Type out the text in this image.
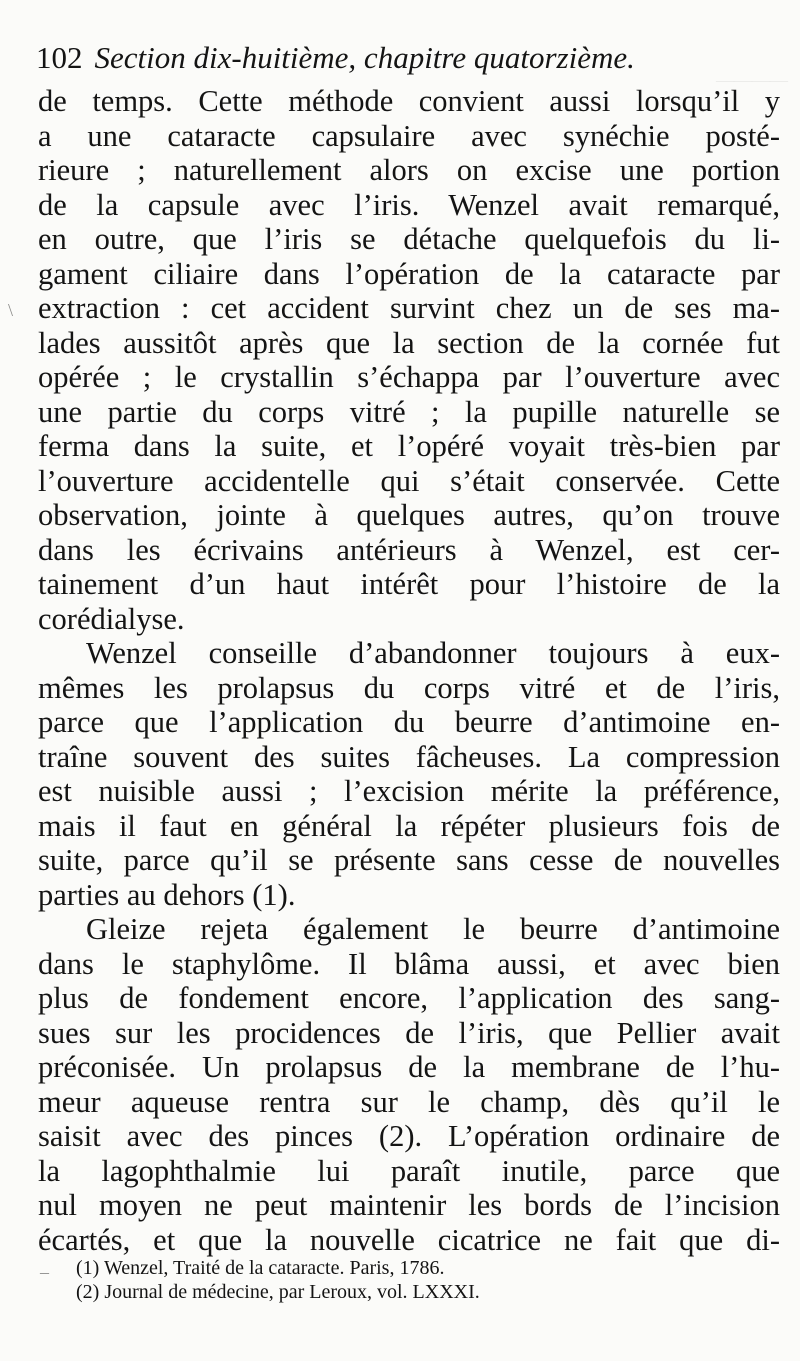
————
\
–
102 Section dix-huitième, chapitre quatorzième.
de temps. Cette méthode convient aussi lorsqu’il y
a une cataracte capsulaire avec synéchie posté-
rieure ; naturellement alors on excise une portion
de la capsule avec l’iris. Wenzel avait remarqué,
en outre, que l’iris se détache quelquefois du li-
gament ciliaire dans l’opération de la cataracte par
extraction : cet accident survint chez un de ses ma-
lades aussitôt après que la section de la cornée fut
opérée ; le crystallin s’échappa par l’ouverture avec
une partie du corps vitré ; la pupille naturelle se
ferma dans la suite, et l’opéré voyait très-bien par
l’ouverture accidentelle qui s’était conservée. Cette
observation, jointe à quelques autres, qu’on trouve
dans les écrivains antérieurs à Wenzel, est cer-
tainement d’un haut intérêt pour l’histoire de la
corédialyse.
Wenzel conseille d’abandonner toujours à eux-
mêmes les prolapsus du corps vitré et de l’iris,
parce que l’application du beurre d’antimoine en-
traîne souvent des suites fâcheuses. La compression
est nuisible aussi ; l’excision mérite la préférence,
mais il faut en général la répéter plusieurs fois de
suite, parce qu’il se présente sans cesse de nouvelles
parties au dehors (1).
Gleize rejeta également le beurre d’antimoine
dans le staphylôme. Il blâma aussi, et avec bien
plus de fondement encore, l’application des sang-
sues sur les procidences de l’iris, que Pellier avait
préconisée. Un prolapsus de la membrane de l’hu-
meur aqueuse rentra sur le champ, dès qu’il le
saisit avec des pinces (2). L’opération ordinaire de
la lagophthalmie lui paraît inutile, parce que
nul moyen ne peut maintenir les bords de l’incision
écartés, et que la nouvelle cicatrice ne fait que di-
(1) Wenzel, Traité de la cataracte. Paris, 1786.
(2) Journal de médecine, par Leroux, vol. LXXXI.
